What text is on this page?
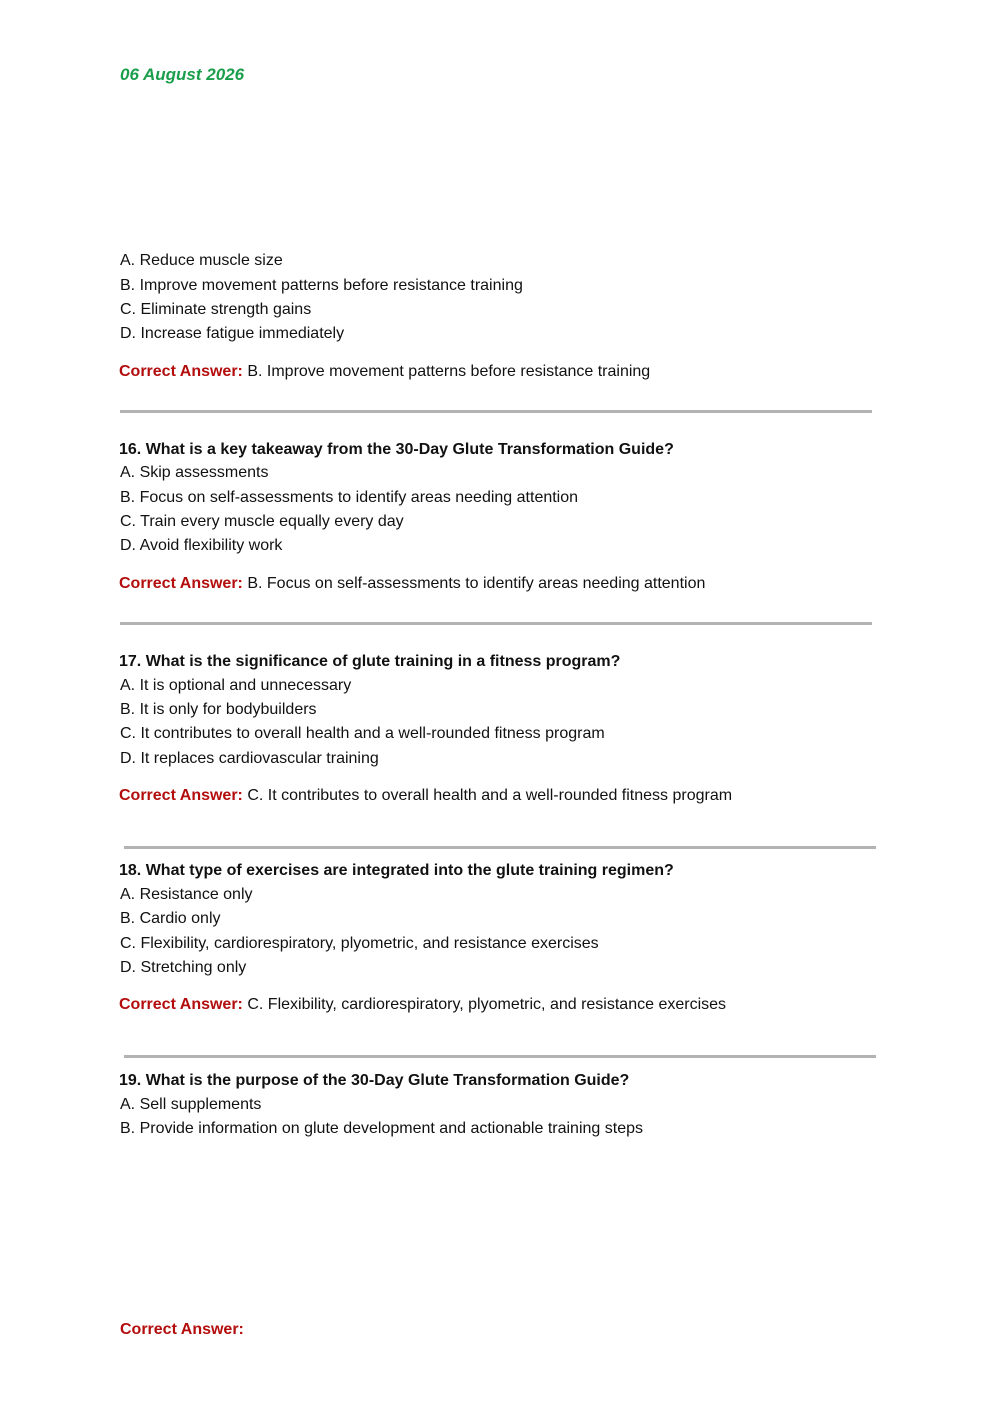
06 August 2026
A. Reduce muscle size
B. Improve movement patterns before resistance training
C. Eliminate strength gains
D. Increase fatigue immediately
Correct Answer: B. Improve movement patterns before resistance training
16. What is a key takeaway from the 30-Day Glute Transformation Guide?
A. Skip assessments
B. Focus on self-assessments to identify areas needing attention
C. Train every muscle equally every day
D. Avoid flexibility work
Correct Answer: B. Focus on self-assessments to identify areas needing attention
17. What is the significance of glute training in a fitness program?
A. It is optional and unnecessary
B. It is only for bodybuilders
C. It contributes to overall health and a well-rounded fitness program
D. It replaces cardiovascular training
Correct Answer: C. It contributes to overall health and a well-rounded fitness program
18. What type of exercises are integrated into the glute training regimen?
A. Resistance only
B. Cardio only
C. Flexibility, cardiorespiratory, plyometric, and resistance exercises
D. Stretching only
Correct Answer: C. Flexibility, cardiorespiratory, plyometric, and resistance exercises
19. What is the purpose of the 30-Day Glute Transformation Guide?
A. Sell supplements
B. Provide information on glute development and actionable training steps
Correct Answer:
